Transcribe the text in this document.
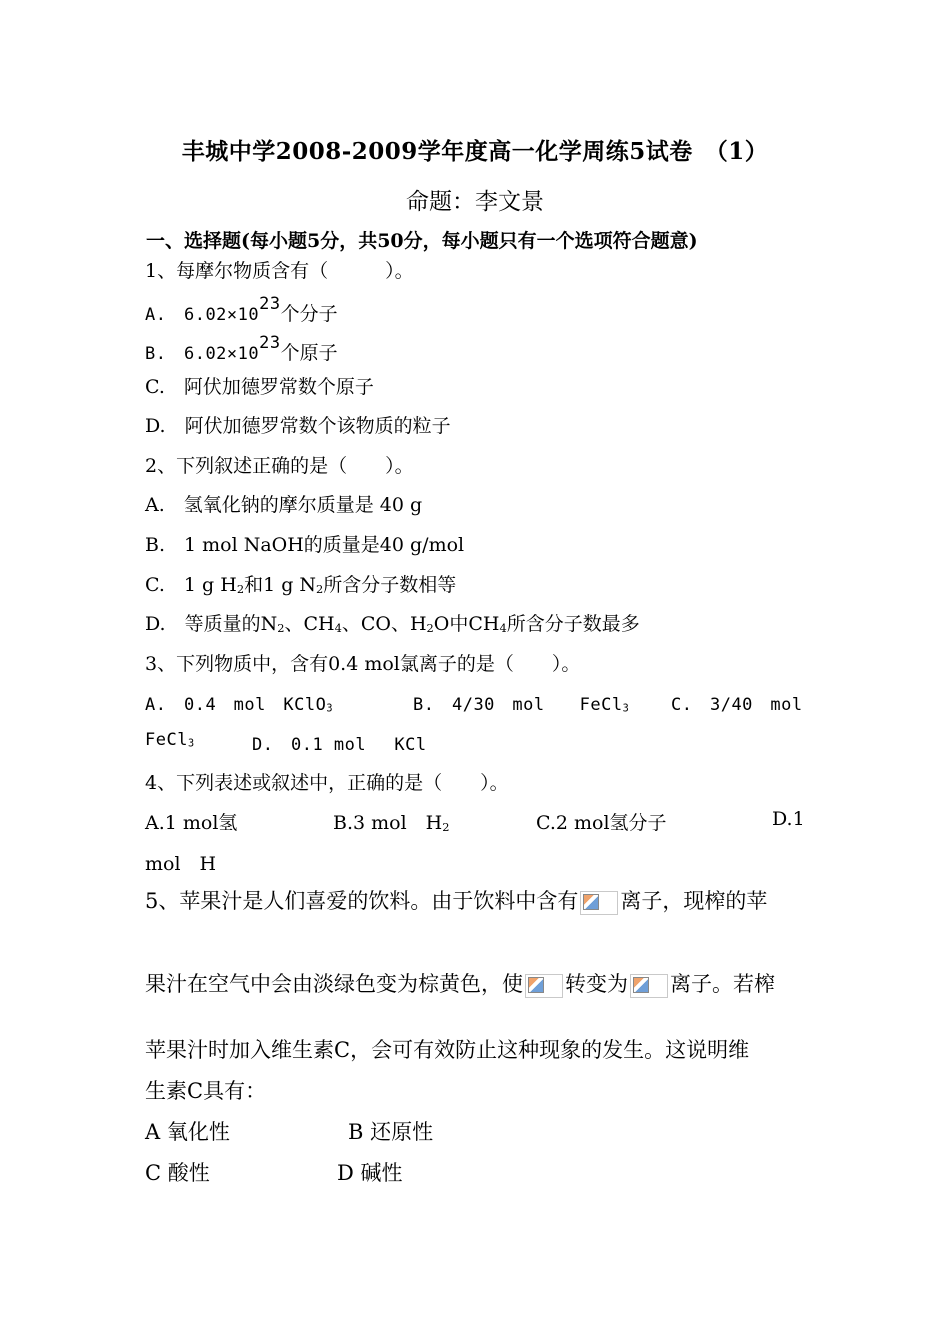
丰城中学2008-2009学年度高一化学周练5试卷　（1）
命题：李文景
一、选择题(每小题5分，共50分，每小题只有一个选项符合题意)
1、每摩尔物质含有（　　　）。
A.　$6.02\times 10^{23}$个分子
B.　$6.02\times 10^{23}$个原子
C.　阿伏加德罗常数个原子
D.　阿伏加德罗常数个该物质的粒子
2、下列叙述正确的是（　　）。
A.　氢氧化钠的摩尔质量是 40 g
B.　1 mol NaOH的质量是40 g/mol
C.　1 g $H_2$和1 g $N_2$所含分子数相等
D.　等质量的$N_2$、$CH_4$、CO、$H_2O$中$CH_4$所含分子数最多
3、下列物质中，含有0.4 mol氯离子的是（　　）。
A.　0.4　mol　KClO$_3$	B.　4/30　mol　　FeCl$_3$ C.　3/40　mol
FeCl$_3$	D.　0.1 mol　 KCl
4、下列表述或叙述中，正确的是（　　）。
A.1 mol氢	B.3 mol　$H_2$	C.2 mol氢分子	D.1
mol　H
5、苹果汁是人们喜爱的饮料。由于饮料中含有 离子，现榨的苹
果汁在空气中会由淡绿色变为棕黄色，使 转变为 离子。若榨
苹果汁时加入维生素C，会可有效防止这种现象的发生。这说明维
生素C具有：
A 氧化性	B 还原性
C 酸性	D 碱性
